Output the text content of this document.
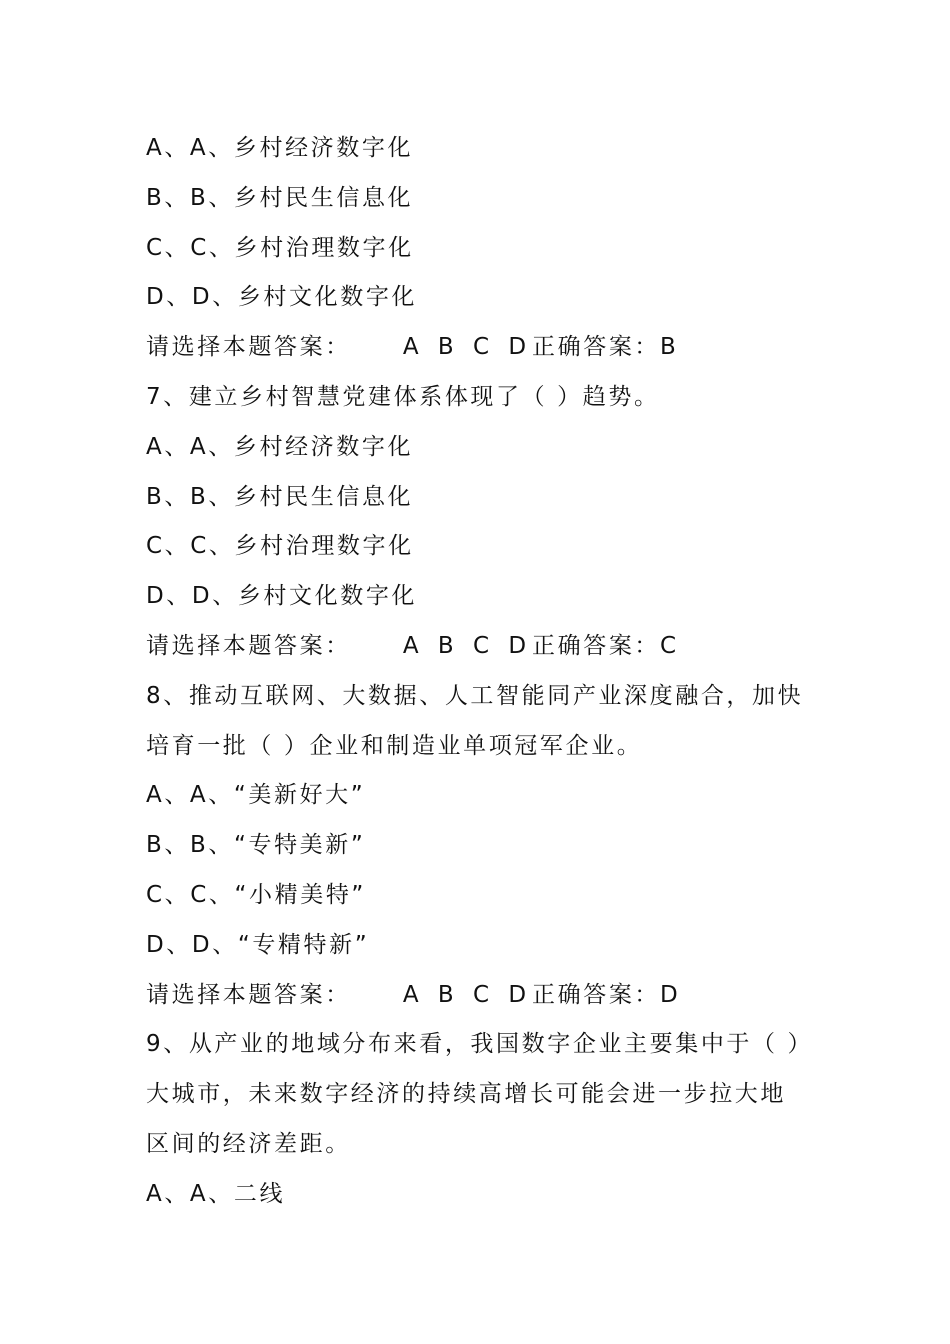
A、A、乡村经济数字化
B、B、乡村民生信息化
C、C、乡村治理数字化
D、D、乡村文化数字化
请选择本题答案： A B C D正确答案：B
7、建立乡村智慧党建体系体现了（ ）趋势。
A、A、乡村经济数字化
B、B、乡村民生信息化
C、C、乡村治理数字化
D、D、乡村文化数字化
请选择本题答案： A B C D正确答案：C
8、推动互联网、大数据、人工智能同产业深度融合，加快
培育一批（ ）企业和制造业单项冠军企业。
A、A、“美新好大”
B、B、“专特美新”
C、C、“小精美特”
D、D、“专精特新”
请选择本题答案： A B C D正确答案：D
9、从产业的地域分布来看，我国数字企业主要集中于（ ）
大城市，未来数字经济的持续高增长可能会进一步拉大地
区间的经济差距。
A、A、二线
